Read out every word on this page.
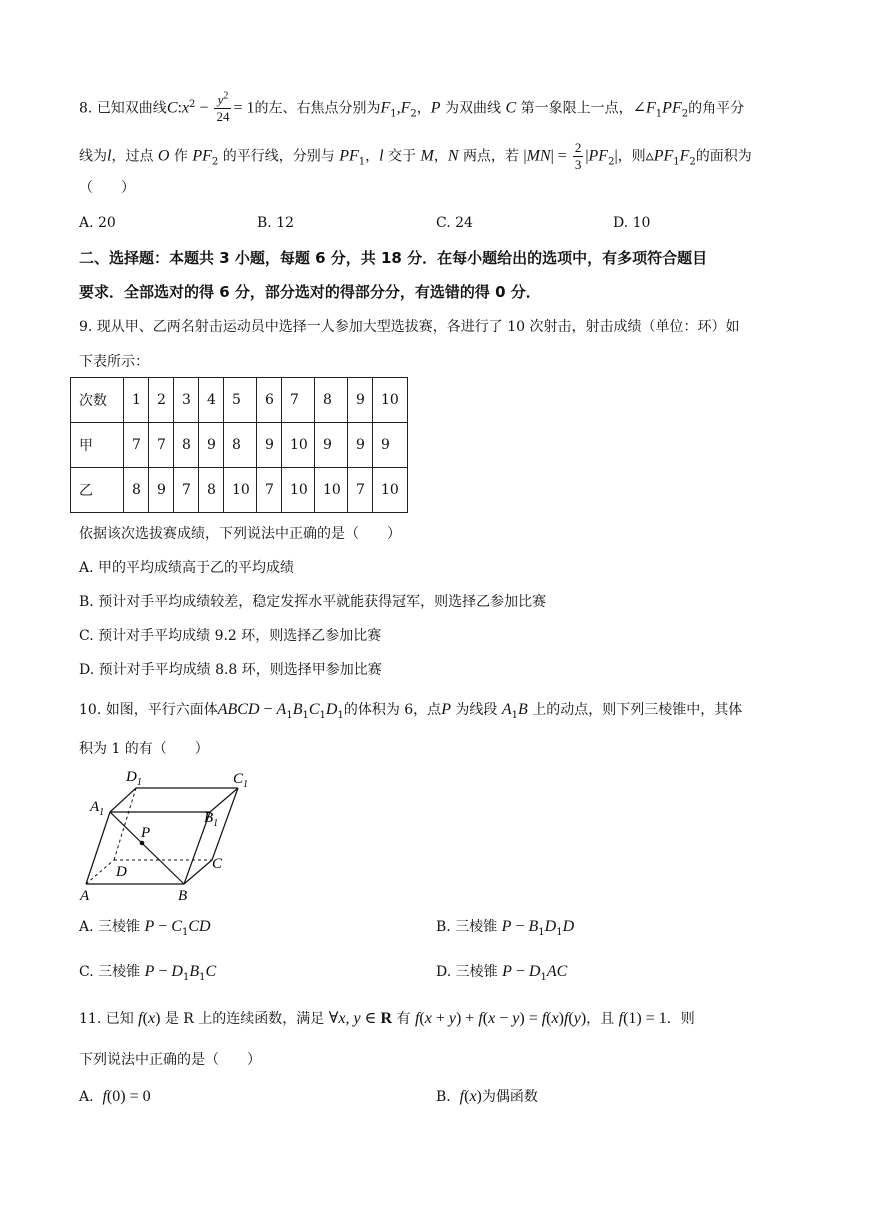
8. 已知双曲线$C:x^2 - \frac{y^2}{24} = 1$的左、右焦点分别为$F_1,F_2$，P 为双曲线 C 第一象限上一点，$\angle F_1PF_2$的角平分
线为l，过点 O 作 $PF_2$ 的平行线，分别与 $PF_1$，l 交于 M，N 两点，若 $|MN| = \frac{2}{3} |PF_2|$，则$▵PF_1F_2$的面积为
（　　）
A. 20	B. 12	C. 24	D. 10
二、选择题：本题共 3 小题，每题 6 分，共 18 分．在每小题给出的选项中，有多项符合题目
要求．全部选对的得 6 分，部分选对的得部分分，有选错的得 0 分．
9. 现从甲、乙两名射击运动员中选择一人参加大型选拔赛，各进行了 10 次射击，射击成绩（单位：环）如
下表所示：
次数	1	2	3	4	5	6	7	8	9	10
甲	7	7	8	9	8	9	10	9	9	9
乙	8	9	7	8	10	7	10	10	7	10
依据该次选拔赛成绩，下列说法中正确的是（　　）
A. 甲的平均成绩高于乙的平均成绩
B. 预计对手平均成绩较差，稳定发挥水平就能获得冠军，则选择乙参加比赛
C. 预计对手平均成绩 9.2 环，则选择乙参加比赛
D. 预计对手平均成绩 8.8 环，则选择甲参加比赛
10. 如图，平行六面体ABCD − $A_1B_1C_1D_1$的体积为 6，点P 为线段 $A_1B$ 上的动点，则下列三棱锥中，其体
积为 1 的有（　　）
$D_1$	$C_1$
$A_1$	$B_1$
P
C
D
A	B
A. 三棱锥 $P - C_1CD$	B. 三棱锥 $P - B_1D_1D$
C. 三棱锥 $P - D_1B_1C$	D. 三棱锥 $P - D_1AC$
11. 已知 f(x) 是 R 上的连续函数，满足 ∀x, y ∈ R 有 f(x + y) + f(x − y) = f(x)f(y)，且 f(1) = 1．则
下列说法中正确的是（　　）
A. f(0) = 0	B. f(x)为偶函数
